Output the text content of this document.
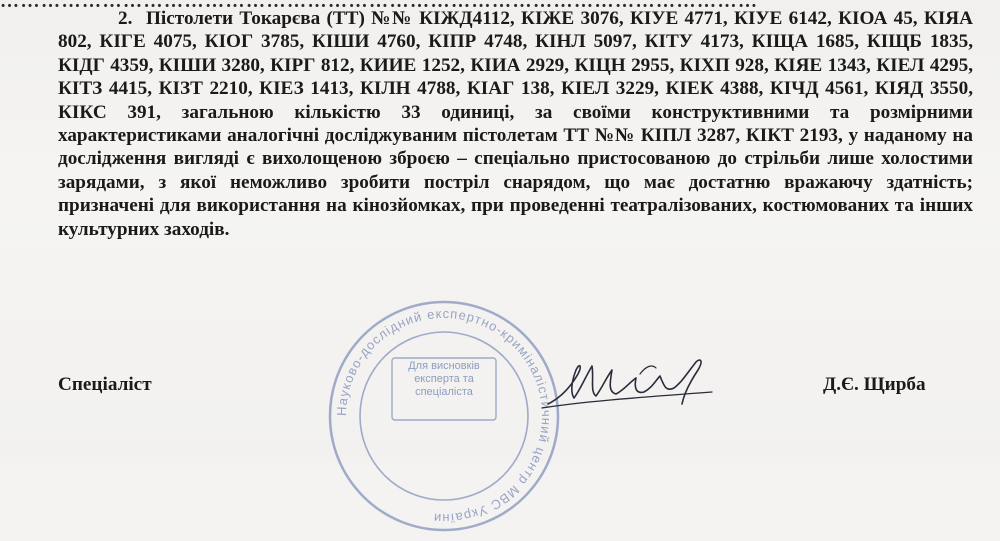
2. Пістолети Токарєва (ТТ) №№ КІЖД4112, КІЖЕ 3076, КІУЕ 4771, КІУЕ 6142, КІОА 45, КІЯА 802, КІГЕ 4075, КІОГ 3785, КІШИ 4760, КІПР 4748, КІНЛ 5097, КІТУ 4173, КІЩА 1685, КІЩБ 1835, КІДГ 4359, КІШИ 3280, КІРГ 812, КИИЕ 1252, КІИА 2929, КІЦН 2955, КІХП 928, КІЯЕ 1343, КІЕЛ 4295, КІТЗ 4415, КІЗТ 2210, КІЕЗ 1413, КІЛН 4788, КІАГ 138, КІЕЛ 3229, КІЕК 4388, КІЧД 4561, КІЯД 3550, КІКС 391, загальною кількістю 33 одиниці, за своїми конструктивними та розмірними характеристиками аналогічні досліджуваним пістолетам ТТ №№ КІПЛ 3287, КІКТ 2193, у наданому на дослідження вигляді є вихолощеною зброєю – спеціально пристосованою до стрільби лише холостими зарядами, з якої неможливо зробити постріл снарядом, що має достатню вражаючу здатність; призначені для використання на кінозйомках, при проведенні театралізованих, костюмованих та інших культурних заходів.

Науково-дослідний експертно-криміналістичний центр МВС України
Для висновків експерта та спеціаліста
Спеціаліст	Д.Є. Щирба
